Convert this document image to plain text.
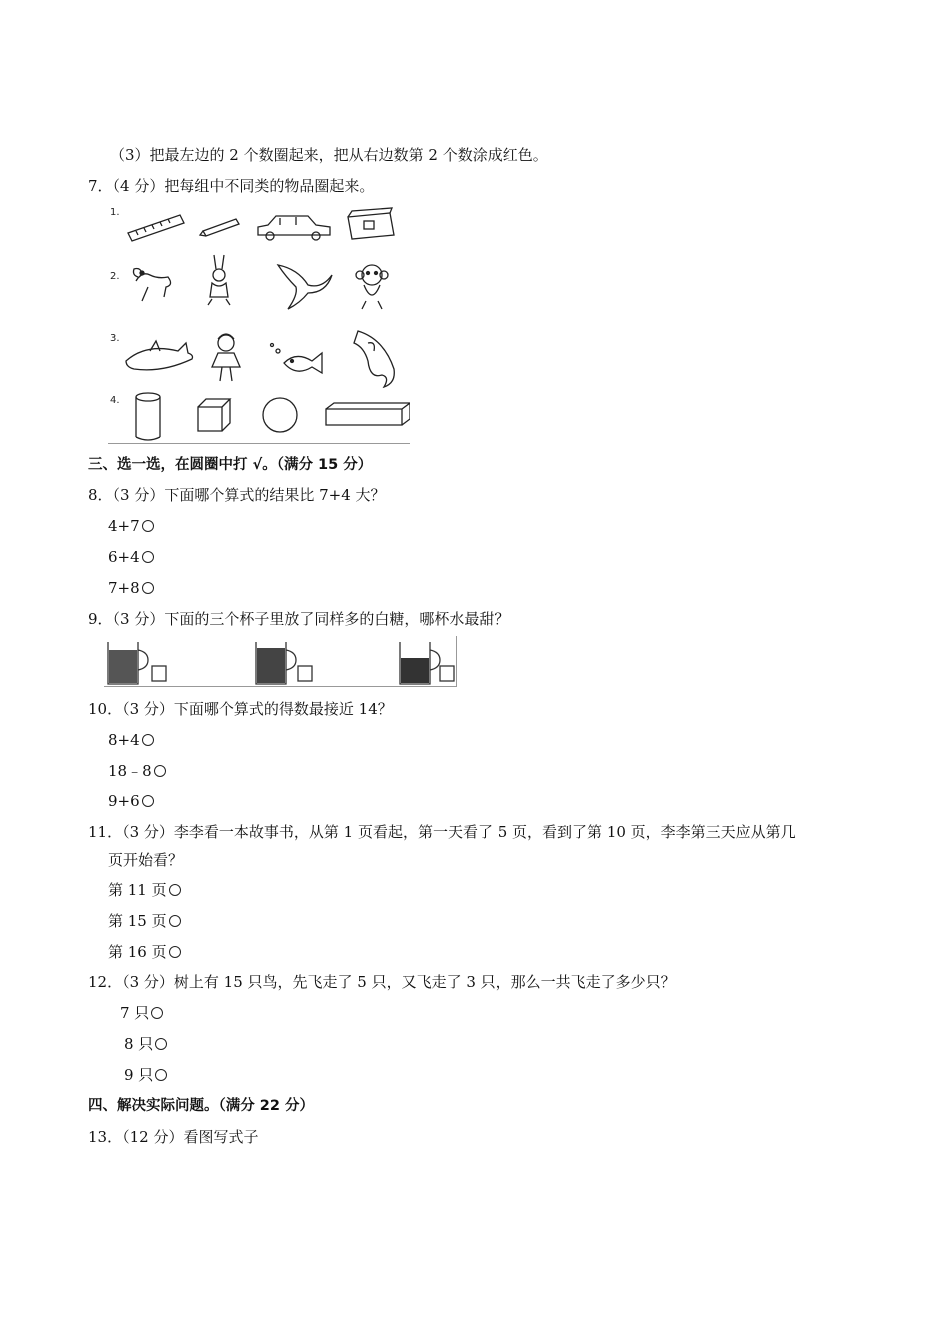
（3）把最左边的 2 个数圈起来，把从右边数第 2 个数涂成红色。
7．（4 分）把每组中不同类的物品圈起来。
1.
2.
3.
4.
三、选一选，在圆圈中打 √。（满分 15 分）
8．（3 分）下面哪个算式的结果比 7+4 大？
4+7
6+4
7+8
9．（3 分）下面的三个杯子里放了同样多的白糖，哪杯水最甜？
10．（3 分）下面哪个算式的得数最接近 14？
8+4
18﹣8
9+6
11．（3 分）李李看一本故事书，从第 1 页看起，第一天看了 5 页，看到了第 10 页，李李第三天应从第几
页开始看？
第 11 页
第 15 页
第 16 页
12．（3 分）树上有 15 只鸟，先飞走了 5 只，又飞走了 3 只，那么一共飞走了多少只？
7 只
8 只
9 只
四、解决实际问题。（满分 22 分）
13．（12 分）看图写式子
